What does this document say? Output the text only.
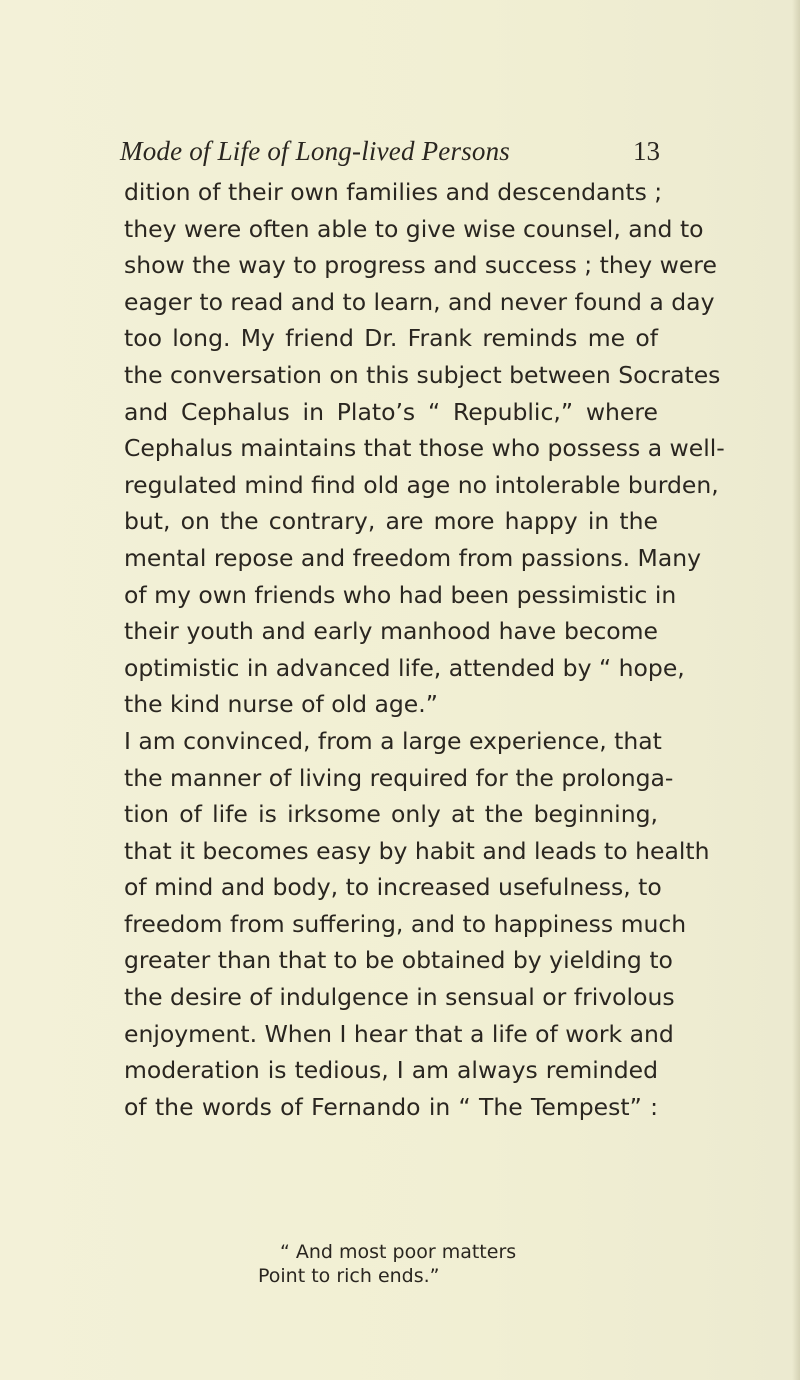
Mode of Life of Long-lived Persons	13
dition of their own families and descendants ;
they were often able to give wise counsel, and to
show the way to progress and success ; they were
eager to read and to learn, and never found a day
too long. My friend Dr. Frank reminds me of
the conversation on this subject between Socrates
and Cephalus in Plato’s “ Republic,” where
Cephalus maintains that those who possess a well-
regulated mind find old age no intolerable burden,
but, on the contrary, are more happy in the
mental repose and freedom from passions. Many
of my own friends who had been pessimistic in
their youth and early manhood have become
optimistic in advanced life, attended by “ hope,
the kind nurse of old age.”
I am convinced, from a large experience, that
the manner of living required for the prolonga-
tion of life is irksome only at the beginning,
that it becomes easy by habit and leads to health
of mind and body, to increased usefulness, to
freedom from suffering, and to happiness much
greater than that to be obtained by yielding to
the desire of indulgence in sensual or frivolous
enjoyment. When I hear that a life of work and
moderation is tedious, I am always reminded
of the words of Fernando in “ The Tempest” :
“ And most poor matters
Point to rich ends.”
